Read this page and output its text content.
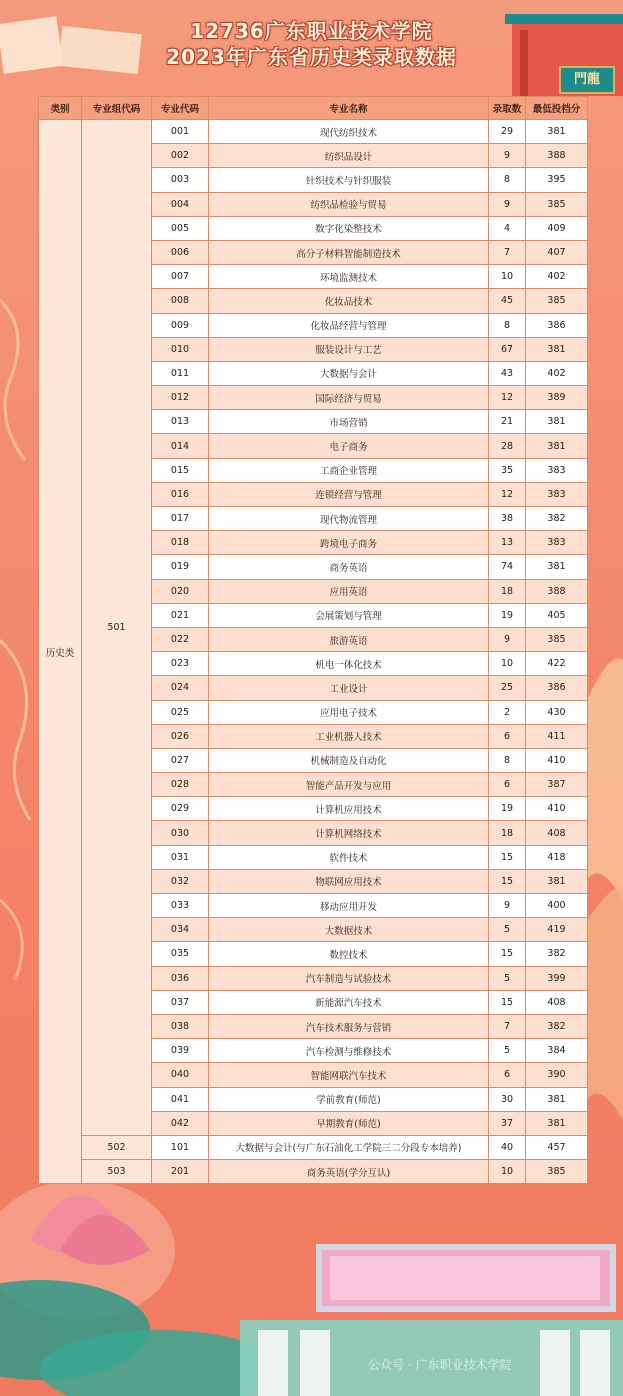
12736广东职业技术学院
2023年广东省历史类录取数据
門龍
类别	专业组代码	专业代码	专业名称	录取数	最低投档分
历史类	501	001	现代纺织技术	29	381
		002	纺织品设计	9	388
		003	针织技术与针织服装	8	395
		004	纺织品检验与贸易	9	385
		005	数字化染整技术	4	409
		006	高分子材料智能制造技术	7	407
		007	环境监测技术	10	402
		008	化妆品技术	45	385
		009	化妆品经营与管理	8	386
		010	服装设计与工艺	67	381
		011	大数据与会计	43	402
		012	国际经济与贸易	12	389
		013	市场营销	21	381
		014	电子商务	28	381
		015	工商企业管理	35	383
		016	连锁经营与管理	12	383
		017	现代物流管理	38	382
		018	跨境电子商务	13	383
		019	商务英语	74	381
		020	应用英语	18	388
		021	会展策划与管理	19	405
		022	旅游英语	9	385
		023	机电一体化技术	10	422
		024	工业设计	25	386
		025	应用电子技术	2	430
		026	工业机器人技术	6	411
		027	机械制造及自动化	8	410
		028	智能产品开发与应用	6	387
		029	计算机应用技术	19	410
		030	计算机网络技术	18	408
		031	软件技术	15	418
		032	物联网应用技术	15	381
		033	移动应用开发	9	400
		034	大数据技术	5	419
		035	数控技术	15	382
		036	汽车制造与试验技术	5	399
		037	新能源汽车技术	15	408
		038	汽车技术服务与营销	7	382
		039	汽车检测与维修技术	5	384
		040	智能网联汽车技术	6	390
		041	学前教育(师范)	30	381
		042	早期教育(师范)	37	381
	502	101	大数据与会计(与广东石油化工学院三二分段专本培养)	40	457
	503	201	商务英语(学分互认)	10	385
公众号 · 广东职业技术学院
